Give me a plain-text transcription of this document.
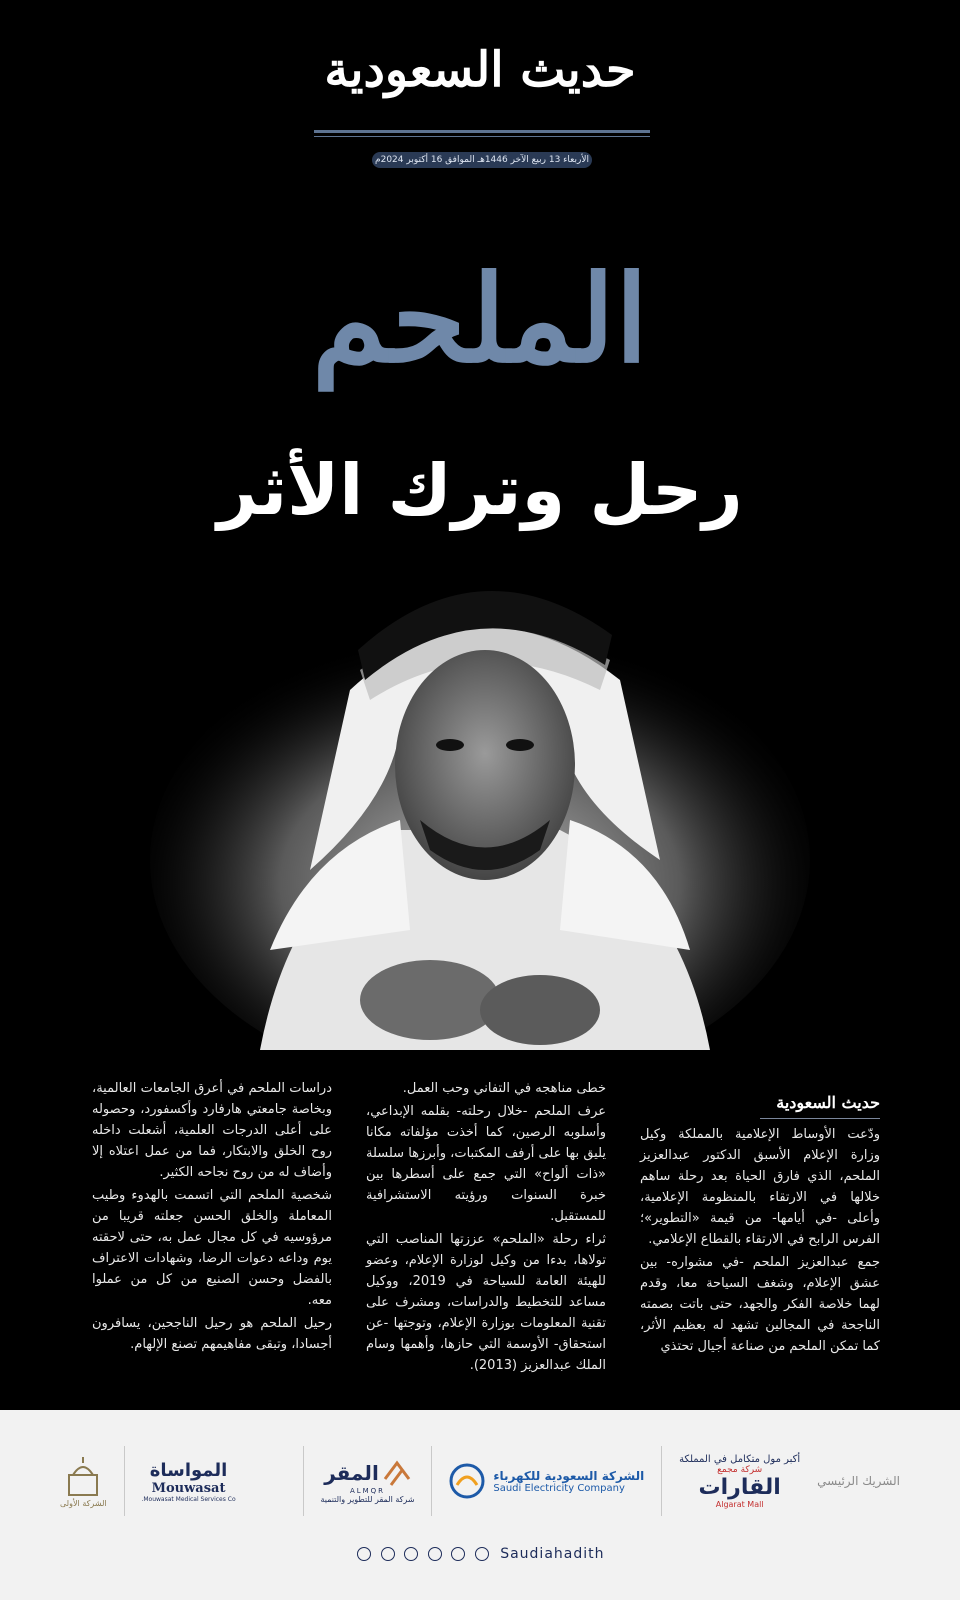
حديث السعودية
الأربعاء 13 ربيع الآخر 1446هـ الموافق 16 أكتوبر 2024م
الملحم
رحل وترك الأثر
حديث السعودية

ودّعت الأوساط الإعلامية بالمملكة وكيل وزارة الإعلام الأسبق الدكتور عبدالعزيز الملحم، الذي فارق الحياة بعد رحلة ساهم خلالها في الارتقاء بالمنظومة الإعلامية، وأعلى -في أيامها- من قيمة «التطوير»؛ الفرس الرابح في الارتقاء بالقطاع الإعلامي.

جمع عبدالعزيز الملحم -في مشواره- بين عشق الإعلام، وشغف السياحة معا، وقدم لهما خلاصة الفكر والجهد، حتى باتت بصمته الناجحة في المجالين تشهد له بعظيم الأثر، كما تمكن الملحم من صناعة أجيال تحتذي

خطى مناهجه في التفاني وحب العمل.

عرف الملحم -خلال رحلته- بقلمه الإبداعي، وأسلوبه الرصين، كما أخذت مؤلفاته مكانا يليق بها على أرفف المكتبات، وأبرزها سلسلة «ذات ألواح» التي جمع على أسطرها بين خبرة السنوات ورؤيته الاستشرافية للمستقبل.

ثراء رحلة «الملحم» عززتها المناصب التي تولاها، بدءا من وكيل لوزارة الإعلام، وعضو للهيئة العامة للسياحة في 2019، ووكيل مساعد للتخطيط والدراسات، ومشرف على تقنية المعلومات بوزارة الإعلام، وتوجتها -عن استحقاق- الأوسمة التي حازها، وأهمها وسام الملك عبدالعزيز (2013).

دراسات الملحم في أعرق الجامعات العالمية، وبخاصة جامعتي هارفارد وأكسفورد، وحصوله على أعلى الدرجات العلمية، أشعلت داخله روح الخلق والابتكار، فما من عمل اعتلاه إلا وأضاف له من روح نجاحه الكثير.

شخصية الملحم التي اتسمت بالهدوء وطيب المعاملة والخلق الحسن جعلته قريبا من مرؤوسيه في كل مجال عمل به، حتى لاحقته يوم وداعه دعوات الرضا، وشهادات الاعتراف بالفضل وحسن الصنيع من كل من عملوا معه.

رحيل الملحم هو رحيل الناجحين، يسافرون أجسادا، وتبقى مفاهيمهم تصنع الإلهام.

الشريك الرئيسي
أكبر مول متكامل في المملكة
شركة مجمع
القارات
Algarat Mall
الشركة السعودية للكهرباء
Saudi Electricity Company
المقر
ALMQR
شركة المقر للتطوير والتنمية
المواساة
Mouwasat
Mouwasat Medical Services Co.
الشركة الأولى
Saudiahadith
